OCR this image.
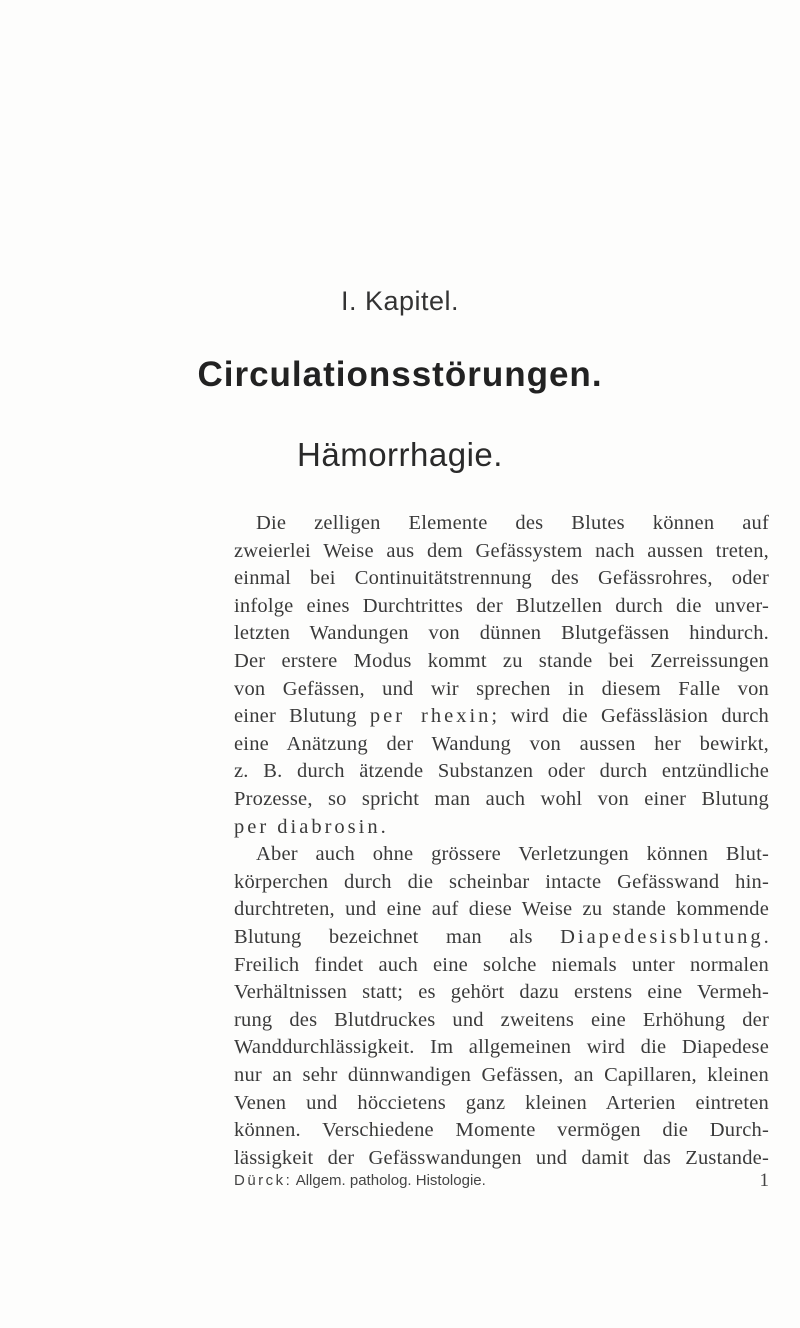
I. Kapitel.
Circulationsstörungen.
Hämorrhagie.
Die zelligen Elemente des Blutes können auf
zweierlei Weise aus dem Gefässystem nach aussen treten,
einmal bei Continuitätstrennung des Gefässrohres, oder
infolge eines Durchtrittes der Blutzellen durch die unver-
letzten Wandungen von dünnen Blutgefässen hindurch.
Der erstere Modus kommt zu stande bei Zerreissungen
von Gefässen, und wir sprechen in diesem Falle von
einer Blutung per rhexin; wird die Gefässläsion durch
eine Anätzung der Wandung von aussen her bewirkt,
z. B. durch ätzende Substanzen oder durch entzündliche
Prozesse, so spricht man auch wohl von einer Blutung
per diabrosin.
Aber auch ohne grössere Verletzungen können Blut-
körperchen durch die scheinbar intacte Gefässwand hin-
durchtreten, und eine auf diese Weise zu stande kommende
Blutung bezeichnet man als Diapedesisblutung.
Freilich findet auch eine solche niemals unter normalen
Verhältnissen statt; es gehört dazu erstens eine Vermeh-
rung des Blutdruckes und zweitens eine Erhöhung der
Wanddurchlässigkeit. Im allgemeinen wird die Diapedese
nur an sehr dünnwandigen Gefässen, an Capillaren, kleinen
Venen und höccietens ganz kleinen Arterien eintreten
können. Verschiedene Momente vermögen die Durch-
lässigkeit der Gefässwandungen und damit das Zustande-
Dürck: Allgem. patholog. Histologie.	1
